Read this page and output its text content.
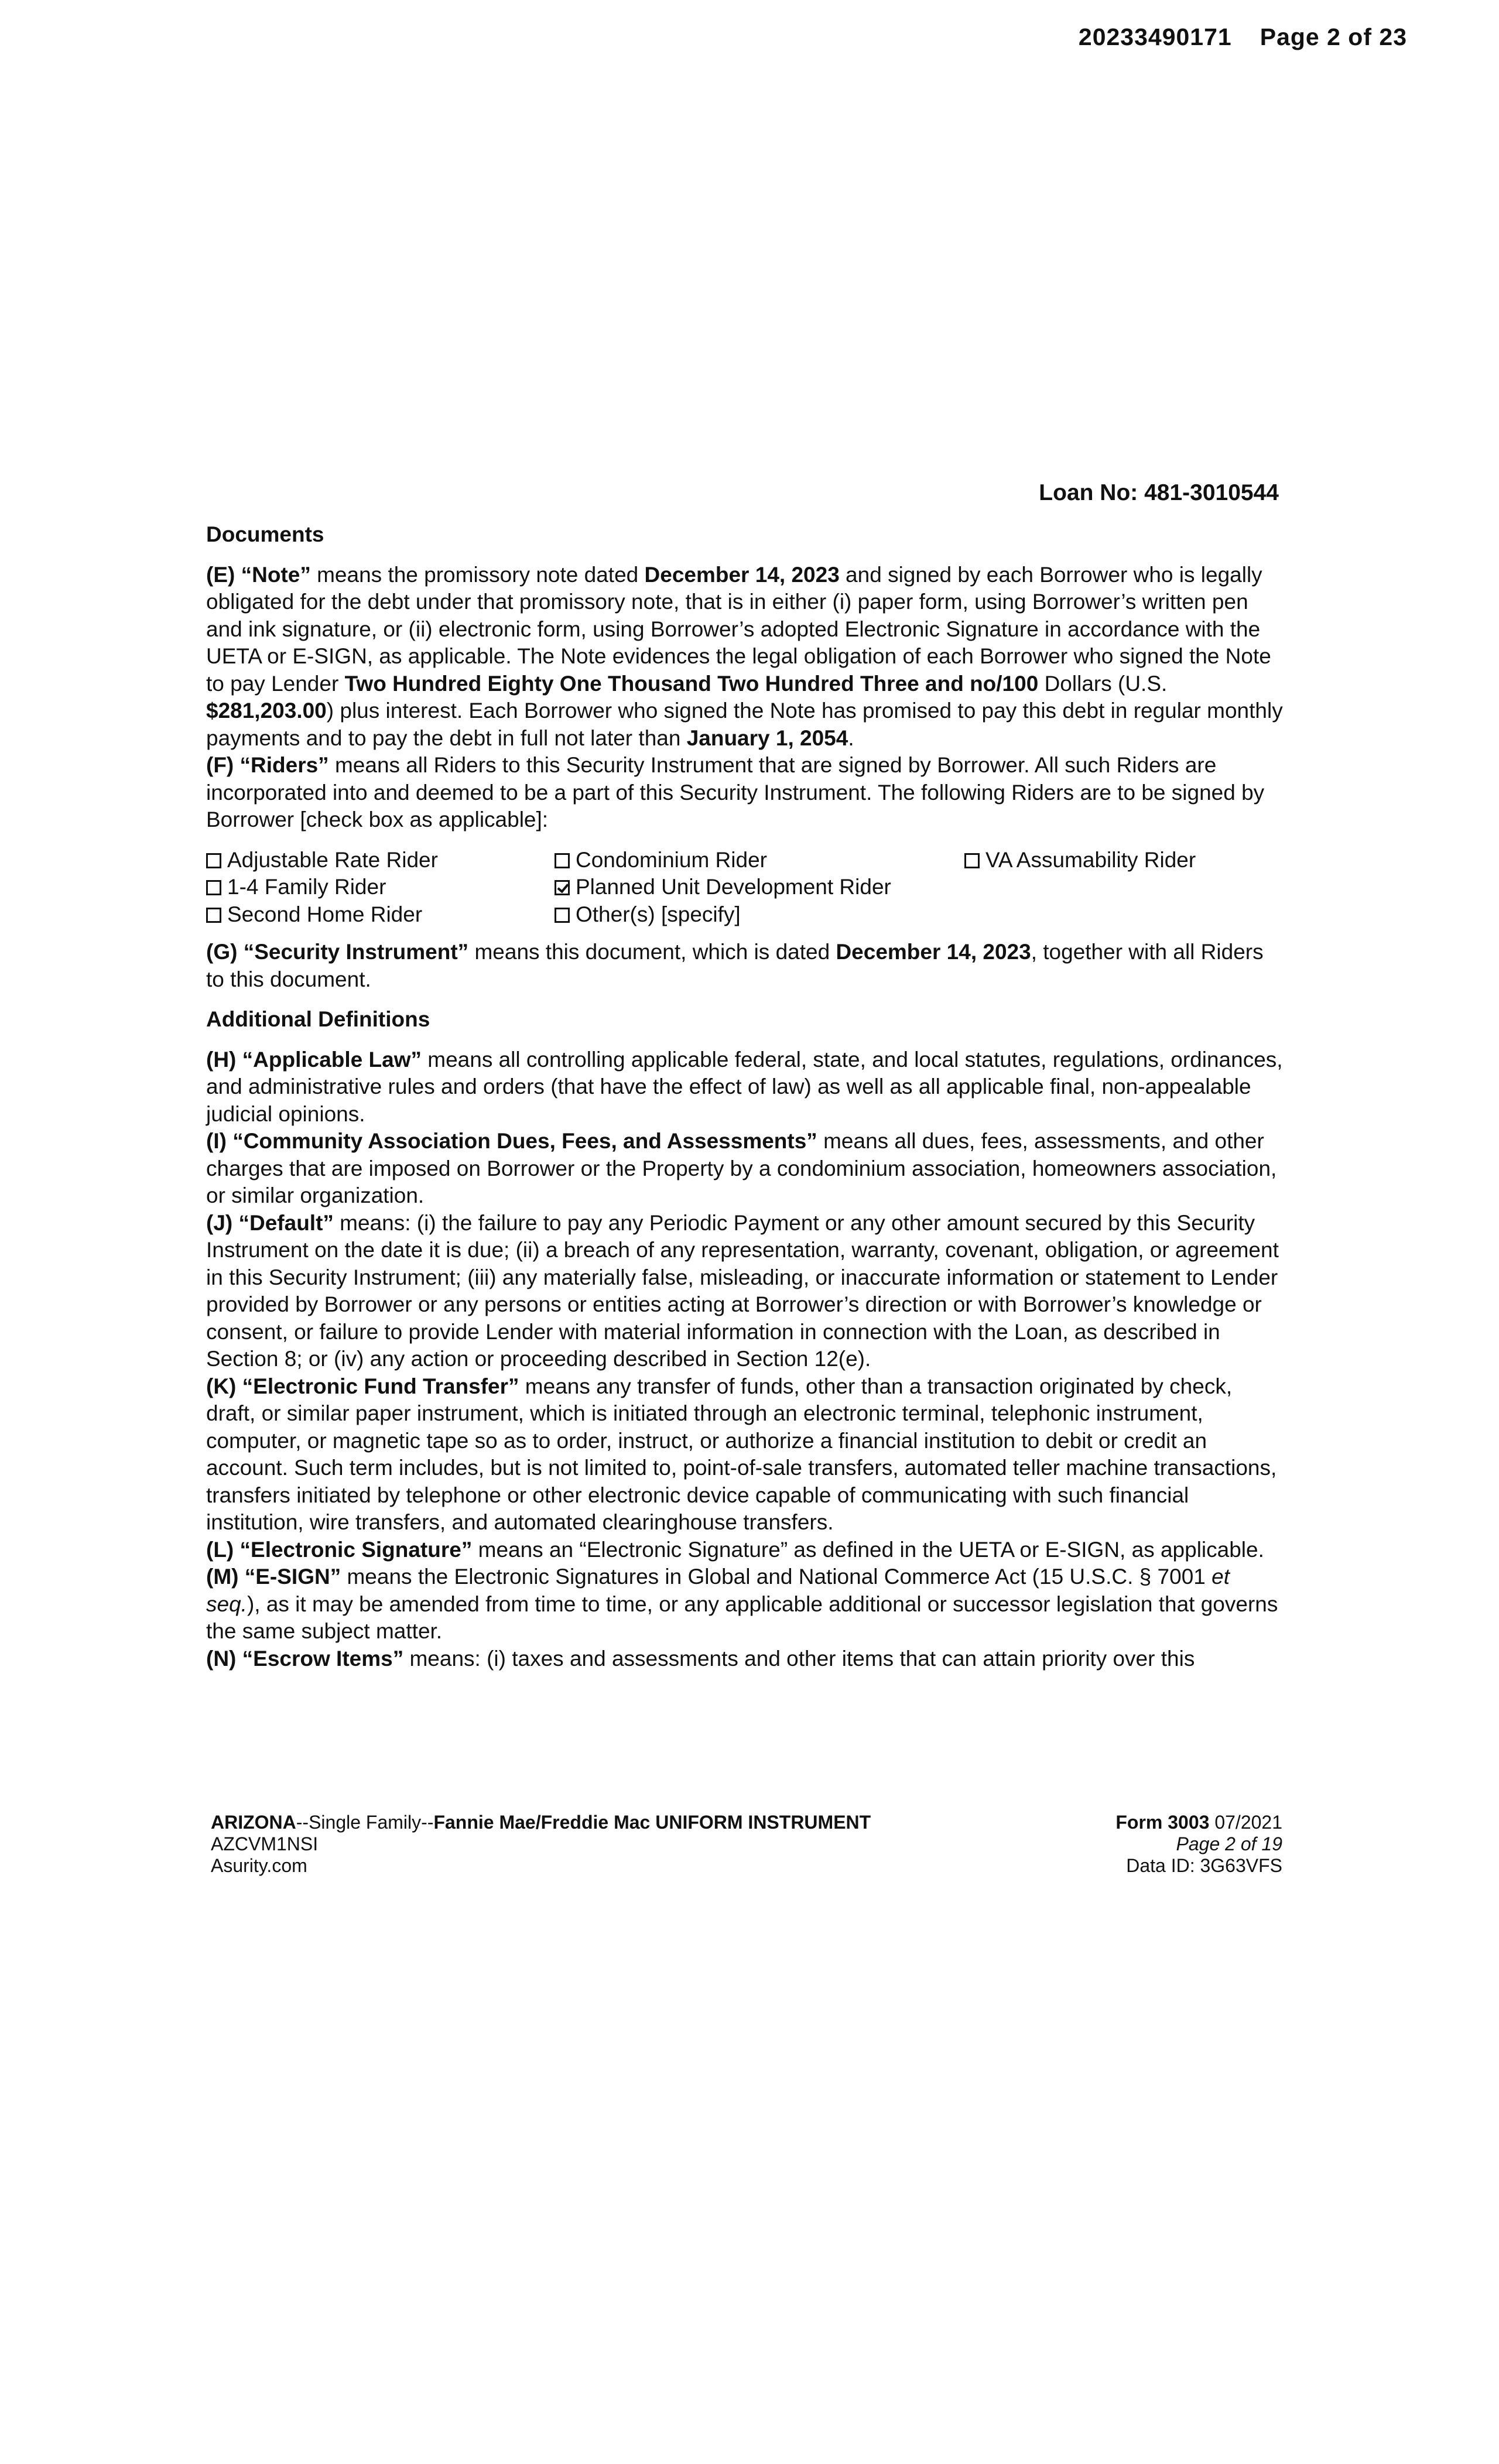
20233490171 Page 2 of 23
Loan No: 481-3010544

Documents

(E) “Note” means the promissory note dated December 14, 2023 and signed by each Borrower who is legally obligated for the debt under that promissory note, that is in either (i) paper form, using Borrower’s written pen and ink signature, or (ii) electronic form, using Borrower’s adopted Electronic Signature in accordance with the UETA or E-SIGN, as applicable. The Note evidences the legal obligation of each Borrower who signed the Note to pay Lender Two Hundred Eighty One Thousand Two Hundred Three and no/100 Dollars (U.S. $281,203.00) plus interest. Each Borrower who signed the Note has promised to pay this debt in regular monthly payments and to pay the debt in full not later than January 1, 2054.

(F) “Riders” means all Riders to this Security Instrument that are signed by Borrower. All such Riders are incorporated into and deemed to be a part of this Security Instrument. The following Riders are to be signed by Borrower [check box as applicable]:

Adjustable Rate Rider	Condominium Rider	VA Assumability Rider
1-4 Family Rider	Planned Unit Development Rider
Second Home Rider	Other(s) [specify]

(G) “Security Instrument” means this document, which is dated December 14, 2023, together with all Riders to this document.

Additional Definitions

(H) “Applicable Law” means all controlling applicable federal, state, and local statutes, regulations, ordinances, and administrative rules and orders (that have the effect of law) as well as all applicable final, non-appealable judicial opinions.

(I) “Community Association Dues, Fees, and Assessments” means all dues, fees, assessments, and other charges that are imposed on Borrower or the Property by a condominium association, homeowners association, or similar organization.

(J) “Default” means: (i) the failure to pay any Periodic Payment or any other amount secured by this Security Instrument on the date it is due; (ii) a breach of any representation, warranty, covenant, obligation, or agreement in this Security Instrument; (iii) any materially false, misleading, or inaccurate information or statement to Lender provided by Borrower or any persons or entities acting at Borrower’s direction or with Borrower’s knowledge or consent, or failure to provide Lender with material information in connection with the Loan, as described in Section 8; or (iv) any action or proceeding described in Section 12(e).

(K) “Electronic Fund Transfer” means any transfer of funds, other than a transaction originated by check, draft, or similar paper instrument, which is initiated through an electronic terminal, telephonic instrument, computer, or magnetic tape so as to order, instruct, or authorize a financial institution to debit or credit an account. Such term includes, but is not limited to, point-of-sale transfers, automated teller machine transactions, transfers initiated by telephone or other electronic device capable of communicating with such financial institution, wire transfers, and automated clearinghouse transfers.

(L) “Electronic Signature” means an “Electronic Signature” as defined in the UETA or E-SIGN, as applicable.

(M) “E-SIGN” means the Electronic Signatures in Global and National Commerce Act (15 U.S.C. § 7001 et seq.), as it may be amended from time to time, or any applicable additional or successor legislation that governs the same subject matter.

(N) “Escrow Items” means: (i) taxes and assessments and other items that can attain priority over this

ARIZONA--Single Family--Fannie Mae/Freddie Mac UNIFORM INSTRUMENT
AZCVM1NSI
Asurity.com
Form 3003 07/2021
Page 2 of 19
Data ID: 3G63VFS
